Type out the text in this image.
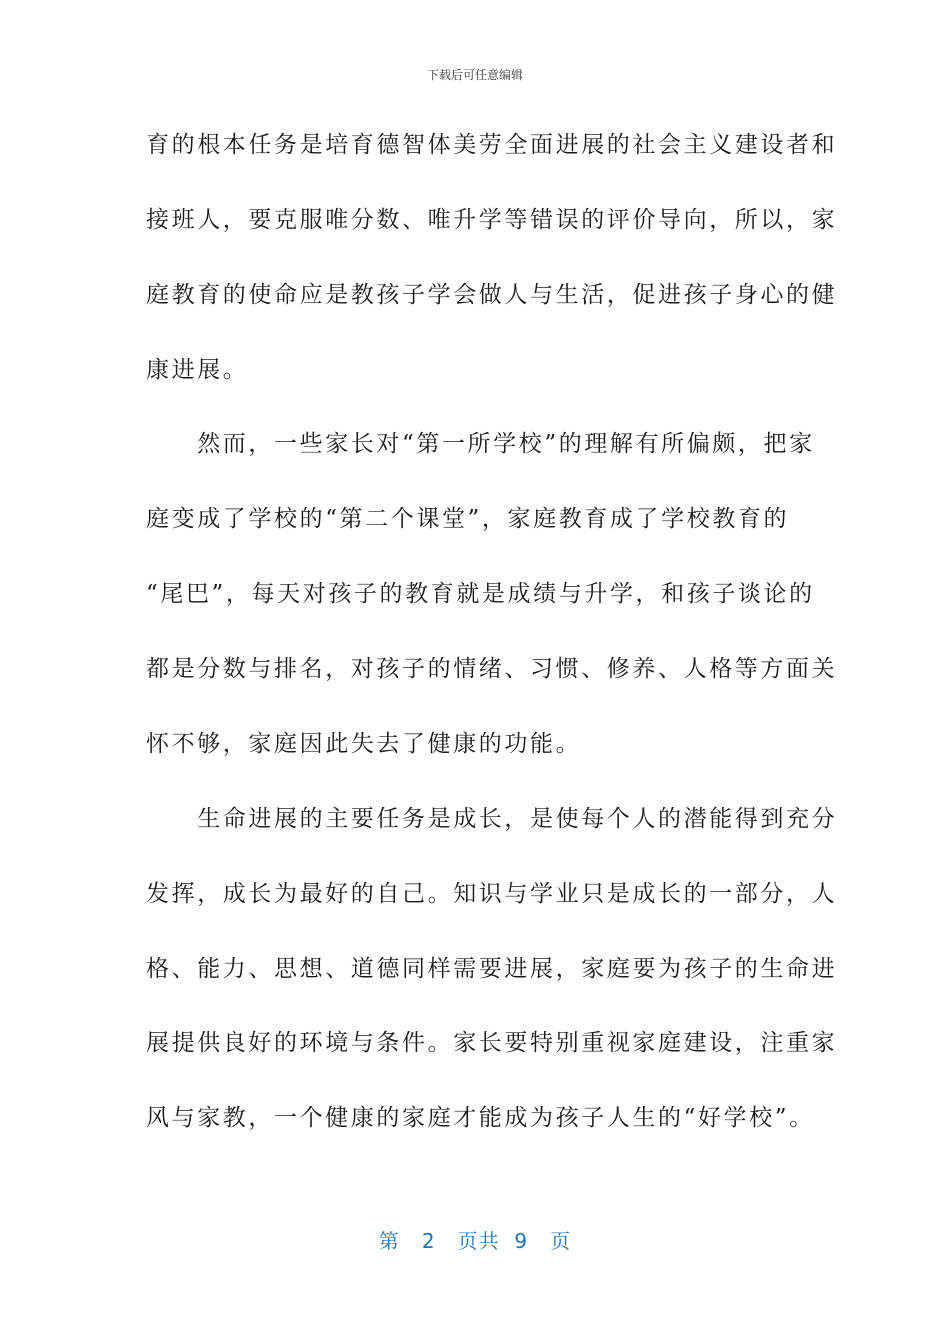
下载后可任意编辑
育的根本任务是培育德智体美劳全面进展的社会主义建设者和
接班人，要克服唯分数、唯升学等错误的评价导向，所以，家
庭教育的使命应是教孩子学会做人与生活，促进孩子身心的健
康进展。
　　然而，一些家长对“第一所学校”的理解有所偏颇，把家
庭变成了学校的“第二个课堂”，家庭教育成了学校教育的
“尾巴”，每天对孩子的教育就是成绩与升学，和孩子谈论的
都是分数与排名，对孩子的情绪、习惯、修养、人格等方面关
怀不够，家庭因此失去了健康的功能。
　　生命进展的主要任务是成长，是使每个人的潜能得到充分
发挥，成长为最好的自己。知识与学业只是成长的一部分，人
格、能力、思想、道德同样需要进展，家庭要为孩子的生命进
展提供良好的环境与条件。家长要特别重视家庭建设，注重家
风与家教，一个健康的家庭才能成为孩子人生的“好学校”。
第 2 页共 9 页
